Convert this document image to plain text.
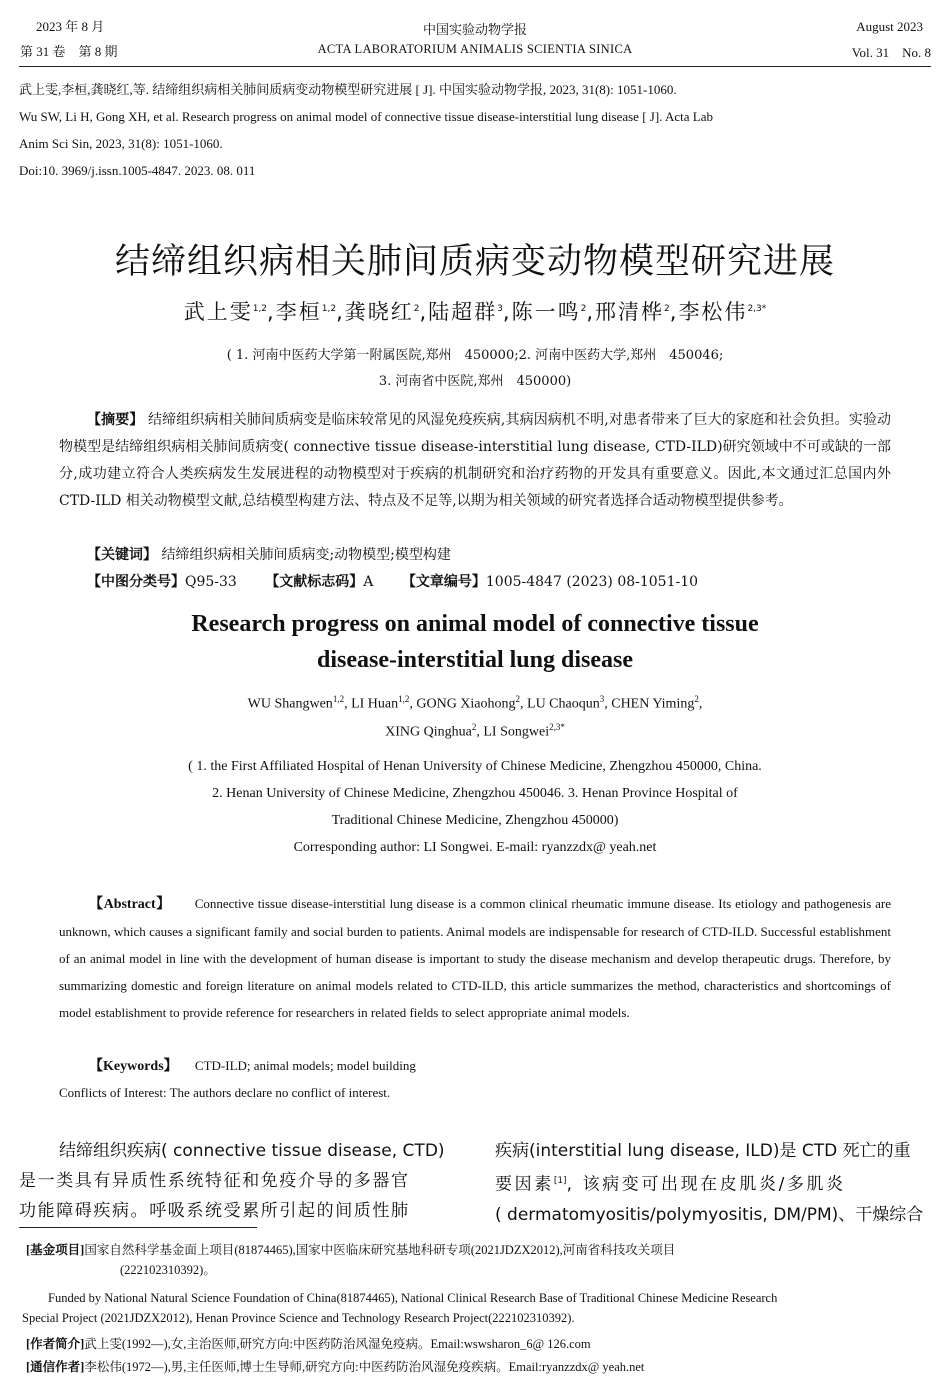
2023 年 8 月
第 31 卷　第 8 期
中国实验动物学报
ACTA LABORATORIUM ANIMALIS SCIENTIA SINICA
August 2023
Vol. 31　No. 8
武上雯,李桓,龚晓红,等. 结缔组织病相关肺间质病变动物模型研究进展 [ J]. 中国实验动物学报, 2023, 31(8): 1051-1060.
Wu SW, Li H, Gong XH, et al. Research progress on animal model of connective tissue disease-interstitial lung disease [ J]. Acta Lab
Anim Sci Sin, 2023, 31(8): 1051-1060.
Doi:10. 3969/j.issn.1005-4847. 2023. 08. 011
结缔组织病相关肺间质病变动物模型研究进展
武上雯$^{1,2}$,李桓$^{1,2}$,龚晓红$^2$,陆超群$^3$,陈一鸣$^2$,邢清桦$^2$,李松伟$^{2,3*}$
( 1. 河南中医药大学第一附属医院,郑州　450000;2. 河南中医药大学,郑州　450046;
3. 河南省中医院,郑州　450000)
【摘要】 结缔组织病相关肺间质病变是临床较常见的风湿免疫疾病,其病因病机不明,对患者带来了巨大的家庭和社会负担。实验动物模型是结缔组织病相关肺间质病变( connective tissue disease-interstitial lung disease, CTD-ILD)研究领域中不可或缺的一部分,成功建立符合人类疾病发生发展进程的动物模型对于疾病的机制研究和治疗药物的开发具有重要意义。因此,本文通过汇总国内外 CTD-ILD 相关动物模型文献,总结模型构建方法、特点及不足等,以期为相关领域的研究者选择合适动物模型提供参考。
【关键词】 结缔组织病相关肺间质病变;动物模型;模型构建
【中图分类号】Q95-33 【文献标志码】A 【文章编号】1005-4847 (2023) 08-1051-10
Research progress on animal model of connective tissue
disease-interstitial lung disease
WU Shangwen$^{1,2}$, LI Huan$^{1,2}$, GONG Xiaohong$^2$, LU Chaoqun$^3$, CHEN Yiming$^2$,
XING Qinghua$^2$, LI Songwei$^{2,3*}$
( 1. the First Affiliated Hospital of Henan University of Chinese Medicine, Zhengzhou 450000, China.
2. Henan University of Chinese Medicine, Zhengzhou 450046. 3. Henan Province Hospital of
Traditional Chinese Medicine, Zhengzhou 450000)
Corresponding author: LI Songwei. E-mail: ryanzzdx@ yeah.net
【Abstract】 Connective tissue disease-interstitial lung disease is a common clinical rheumatic immune disease. Its etiology and pathogenesis are unknown, which causes a significant family and social burden to patients. Animal models are indispensable for research of CTD-ILD. Successful establishment of an animal model in line with the development of human disease is important to study the disease mechanism and develop therapeutic drugs. Therefore, by summarizing domestic and foreign literature on animal models related to CTD-ILD, this article summarizes the method, characteristics and shortcomings of model establishment to provide reference for researchers in related fields to select appropriate animal models.
【Keywords】 CTD-ILD; animal models; model building
Conflicts of Interest: The authors declare no conflict of interest.
结缔组织疾病( connective tissue disease, CTD)
是一类具有异质性系统特征和免疫介导的多器官
功能障碍疾病。呼吸系统受累所引起的间质性肺
疾病(interstitial lung disease, ILD)是 CTD 死亡的重
要因素[1], 该病变可出现在皮肌炎/多肌炎
( dermatomyositis/polymyositis, DM/PM)、干燥综合
[基金项目]国家自然科学基金面上项目(81874465),国家中医临床研究基地科研专项(2021JDZX2012),河南省科技攻关项目
(222102310392)。
Funded by National Natural Science Foundation of China(81874465), National Clinical Research Base of Traditional Chinese Medicine Research
Special Project (2021JDZX2012), Henan Province Science and Technology Research Project(222102310392).
[作者简介]武上雯(1992—),女,主治医师,研究方向:中医药防治风湿免疫病。Email:wswsharon_6@ 126.com
[通信作者]李松伟(1972—),男,主任医师,博士生导师,研究方向:中医药防治风湿免疫疾病。Email:ryanzzdx@ yeah.net
